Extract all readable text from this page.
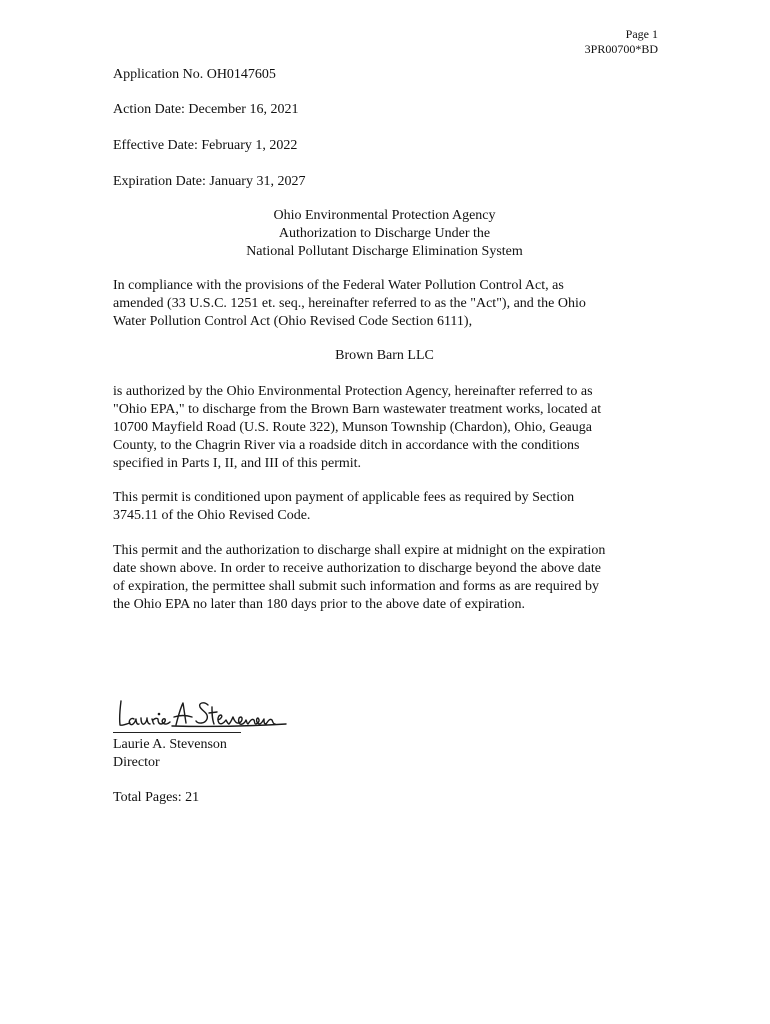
Page 1
3PR00700*BD
Application No. OH0147605
Action Date: December 16, 2021
Effective Date: February 1, 2022
Expiration Date: January 31, 2027
Ohio Environmental Protection Agency
Authorization to Discharge Under the
National Pollutant Discharge Elimination System
In compliance with the provisions of the Federal Water Pollution Control Act, as
amended (33 U.S.C. 1251 et. seq., hereinafter referred to as the "Act"), and the Ohio
Water Pollution Control Act (Ohio Revised Code Section 6111),
Brown Barn LLC
is authorized by the Ohio Environmental Protection Agency, hereinafter referred to as
"Ohio EPA," to discharge from the Brown Barn wastewater treatment works, located at
10700 Mayfield Road (U.S. Route 322), Munson Township (Chardon), Ohio, Geauga
County, to the Chagrin River via a roadside ditch in accordance with the conditions
specified in Parts I, II, and III of this permit.
This permit is conditioned upon payment of applicable fees as required by Section
3745.11 of the Ohio Revised Code.
This permit and the authorization to discharge shall expire at midnight on the expiration
date shown above. In order to receive authorization to discharge beyond the above date
of expiration, the permittee shall submit such information and forms as are required by
the Ohio EPA no later than 180 days prior to the above date of expiration.
Laurie A. Stevenson
Director
Total Pages: 21
